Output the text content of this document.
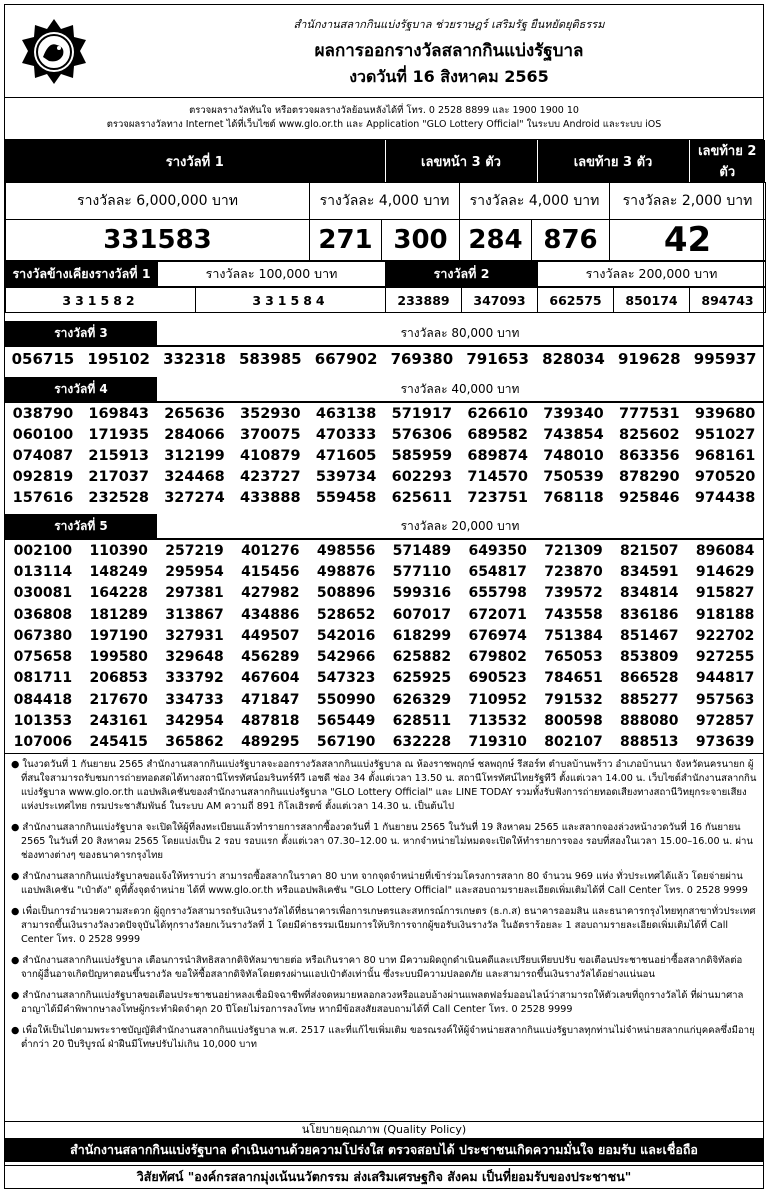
สำนักงานสลากกินแบ่งรัฐบาล ช่วยราษฎร์ เสริมรัฐ ยืนหยัดยุติธรรม
ผลการออกรางวัลสลากกินแบ่งรัฐบาล
งวดวันที่ 16 สิงหาคม 2565
ตรวจผลรางวัลทันใจ หรือตรวจผลรางวัลย้อนหลังได้ที่ โทร. 0 2528 8899 และ 1900 1900 10
ตรวจผลรางวัลทาง Internet ได้ที่เว็บไซต์ www.glo.or.th และ Application "GLO Lottery Official" ในระบบ Android และระบบ iOS
รางวัลที่ 1	เลขหน้า 3 ตัว	เลขท้าย 3 ตัว	เลขท้าย 2 ตัว
รางวัลละ 6,000,000 บาท	รางวัลละ 4,000 บาท		รางวัลละ 4,000 บาท		รางวัลละ 2,000 บาท
331583	271	300	284	876	42
รางวัลข้างเคียงรางวัลที่ 1	รางวัลละ 100,000 บาท	รางวัลที่ 2	รางวัลละ 200,000 บาท
331582	331584	233889	347093	662575	850174	894743
รางวัลที่ 3	รางวัลละ 80,000 บาท
056715	195102	332318	583985	667902	769380	791653	828034	919628	995937
รางวัลที่ 4	รางวัลละ 40,000 บาท
038790	169843	265636	352930	463138	571917	626610	739340	777531	939680
060100	171935	284066	370075	470333	576306	689582	743854	825602	951027
074087	215913	312199	410879	471605	585959	689874	748010	863356	968161
092819	217037	324468	423727	539734	602293	714570	750539	878290	970520
157616	232528	327274	433888	559458	625611	723751	768118	925846	974438
รางวัลที่ 5	รางวัลละ 20,000 บาท
002100	110390	257219	401276	498556	571489	649350	721309	821507	896084
013114	148249	295954	415456	498876	577110	654817	723870	834591	914629
030081	164228	297381	427982	508896	599316	655798	739572	834814	915827
036808	181289	313867	434886	528652	607017	672071	743558	836186	918188
067380	197190	327931	449507	542016	618299	676974	751384	851467	922702
075658	199580	329648	456289	542966	625882	679802	765053	853809	927255
081711	206853	333792	467604	547323	625925	690523	784651	866528	944817
084418	217670	334733	471847	550990	626329	710952	791532	885277	957563
101353	243161	342954	487818	565449	628511	713532	800598	888080	972857
107006	245415	365862	489295	567190	632228	719310	802107	888513	973639

● ในงวดวันที่ 1 กันยายน 2565 สำนักงานสลากกินแบ่งรัฐบาลจะออกรางวัลสลากกินแบ่งรัฐบาล ณ ห้องราชพฤกษ์ ชลพฤกษ์ รีสอร์ท ตำบลบ้านพร้าว อำเภอบ้านนา จังหวัดนครนายก ผู้ที่สนใจสามารถรับชมการถ่ายทอดสดได้ทางสถานีโทรทัศน์อมรินทร์ทีวี เอชดี ช่อง 34 ตั้งแต่เวลา 13.50 น. สถานีโทรทัศน์ไทยรัฐทีวี ตั้งแต่เวลา 14.00 น. เว็บไซต์สำนักงานสลากกินแบ่งรัฐบาล www.glo.or.th แอปพลิเคชันของสำนักงานสลากกินแบ่งรัฐบาล "GLO Lottery Official" และ LINE TODAY รวมทั้งรับฟังการถ่ายทอดเสียงทางสถานีวิทยุกระจายเสียงแห่งประเทศไทย กรมประชาสัมพันธ์ ในระบบ AM ความถี่ 891 กิโลเฮิรตซ์ ตั้งแต่เวลา 14.30 น. เป็นต้นไป

● สำนักงานสลากกินแบ่งรัฐบาล จะเปิดให้ผู้ที่ลงทะเบียนแล้วทำรายการสลากซื้องวดวันที่ 1 กันยายน 2565 ในวันที่ 19 สิงหาคม 2565 และสลากจองล่วงหน้างวดวันที่ 16 กันยายน 2565 ในวันที่ 20 สิงหาคม 2565 โดยแบ่งเป็น 2 รอบ รอบแรก ตั้งแต่เวลา 07.30–12.00 น. หากจำหน่ายไม่หมดจะเปิดให้ทำรายการจอง รอบที่สองในเวลา 15.00–16.00 น. ผ่านช่องทางต่างๆ ของธนาคารกรุงไทย

● สำนักงานสลากกินแบ่งรัฐบาลขอแจ้งให้ทราบว่า สามารถซื้อสลากในราคา 80 บาท จากจุดจำหน่ายที่เข้าร่วมโครงการสลาก 80 จำนวน 969 แห่ง ทั่วประเทศได้แล้ว โดยจ่ายผ่านแอปพลิเคชัน "เป๋าตัง" ดูที่ตั้งจุดจำหน่าย ได้ที่ www.glo.or.th หรือแอปพลิเคชัน "GLO Lottery Official" และสอบถามรายละเอียดเพิ่มเติมได้ที่ Call Center โทร. 0 2528 9999

● เพื่อเป็นการอำนวยความสะดวก ผู้ถูกรางวัลสามารถรับเงินรางวัลได้ที่ธนาคารเพื่อการเกษตรและสหกรณ์การเกษตร (ธ.ก.ส) ธนาคารออมสิน และธนาคารกรุงไทยทุกสาขาทั่วประเทศ สามารถขึ้นเงินรางวัลงวดปัจจุบันได้ทุกรางวัลยกเว้นรางวัลที่ 1 โดยมีค่าธรรมเนียมการให้บริการจากผู้ขอรับเงินรางวัล ในอัตราร้อยละ 1 สอบถามรายละเอียดเพิ่มเติมได้ที่ Call Center โทร. 0 2528 9999

● สำนักงานสลากกินแบ่งรัฐบาล เตือนการนำสิทธิสลากดิจิทัลมาขายต่อ หรือเกินราคา 80 บาท มีความผิดถูกดำเนินคดีและเปรียบเทียบปรับ ขอเตือนประชาชนอย่าซื้อสลากดิจิทัลต่อจากผู้อื่นอาจเกิดปัญหาตอนขึ้นรางวัล ขอให้ซื้อสลากดิจิทัลโดยตรงผ่านแอปเป๋าตังเท่านั้น ซึ่งระบบมีความปลอดภัย และสามารถขึ้นเงินรางวัลได้อย่างแน่นอน

● สำนักงานสลากกินแบ่งรัฐบาลขอเตือนประชาชนอย่าหลงเชื่อมิจฉาชีพที่ส่งจดหมายหลอกลวงหรือแอบอ้างผ่านแพลตฟอร์มออนไลน์ว่าสามารถให้ตัวเลขที่ถูกรางวัลได้ ที่ผ่านมาศาลอาญาได้มีคำพิพากษาลงโทษผู้กระทำผิดจำคุก 20 ปีโดยไม่รอการลงโทษ หากมีข้อสงสัยสอบถามได้ที่ Call Center โทร. 0 2528 9999

● เพื่อให้เป็นไปตามพระราชบัญญัติสำนักงานสลากกินแบ่งรัฐบาล พ.ศ. 2517 และที่แก้ไขเพิ่มเติม ขอรณรงค์ให้ผู้จำหน่ายสลากกินแบ่งรัฐบาลทุกท่านไม่จำหน่ายสลากแก่บุคคลซึ่งมีอายุต่ำกว่า 20 ปีบริบูรณ์ ฝ่าฝืนมีโทษปรับไม่เกิน 10,000 บาท

นโยบายคุณภาพ (Quality Policy)
สำนักงานสลากกินแบ่งรัฐบาล ดำเนินงานด้วยความโปร่งใส ตรวจสอบได้ ประชาชนเกิดความมั่นใจ ยอมรับ และเชื่อถือ
วิสัยทัศน์ "องค์กรสลากมุ่งเน้นนวัตกรรม ส่งเสริมเศรษฐกิจ สังคม เป็นที่ยอมรับของประชาชน"
